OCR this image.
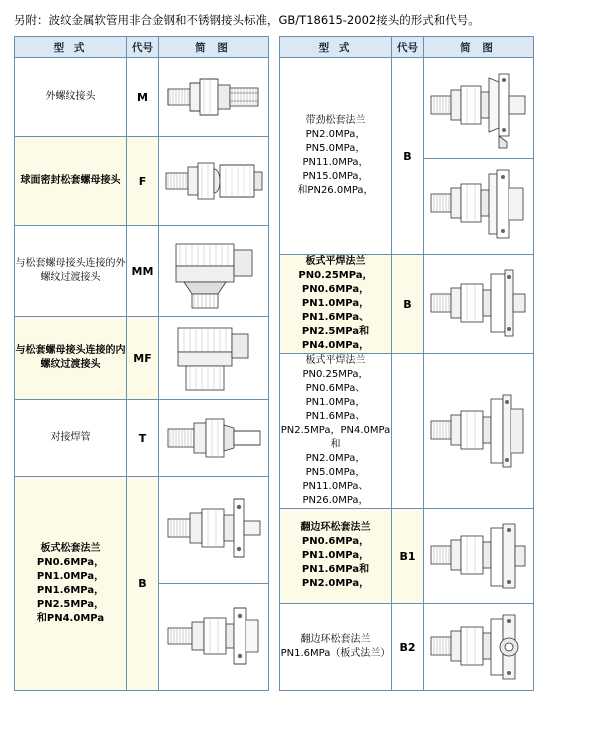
另附：波纹金属软管用非合金钢和不锈钢接头标准，GB/T18615-2002接头的形式和代号。
型 式	代号	简 图
外螺纹接头	M	

球面密封松套螺母接头	F	

与松套螺母接头连接的外螺纹过渡接头	MM	

与松套螺母接头连接的内螺纹过渡接头	MF	

对接焊管	T	

板式松套法兰
PN0.6MPa，PN1.0MPa，
PN1.6MPa，PN2.5MPa，
和PN4.0MPa	B	

型 式	代号	简 图

带劲松套法兰
PN2.0MPa，PN5.0MPa，
PN11.0MPa，PN15.0MPa，
和PN26.0MPa，	B	

板式平焊法兰
PN0.25MPa，PN0.6MPa，
PN1.0MPa，PN1.6MPa、
PN2.5MPa和PN4.0MPa，	B	

板式平焊法兰
PN0.25MPa，PN0.6MPa、
PN1.0MPa，PN1.6MPa、
PN2.5MPa，PN4.0MPa 和
PN2.0MPa，PN5.0MPa，
PN11.0MPa、PN26.0MPa，

翻边环松套法兰
PN0.6MPa，PN1.0MPa，
PN1.6MPa和PN2.0MPa，	B1	

翻边环松套法兰
PN1.6MPa（板式法兰）	B2	
